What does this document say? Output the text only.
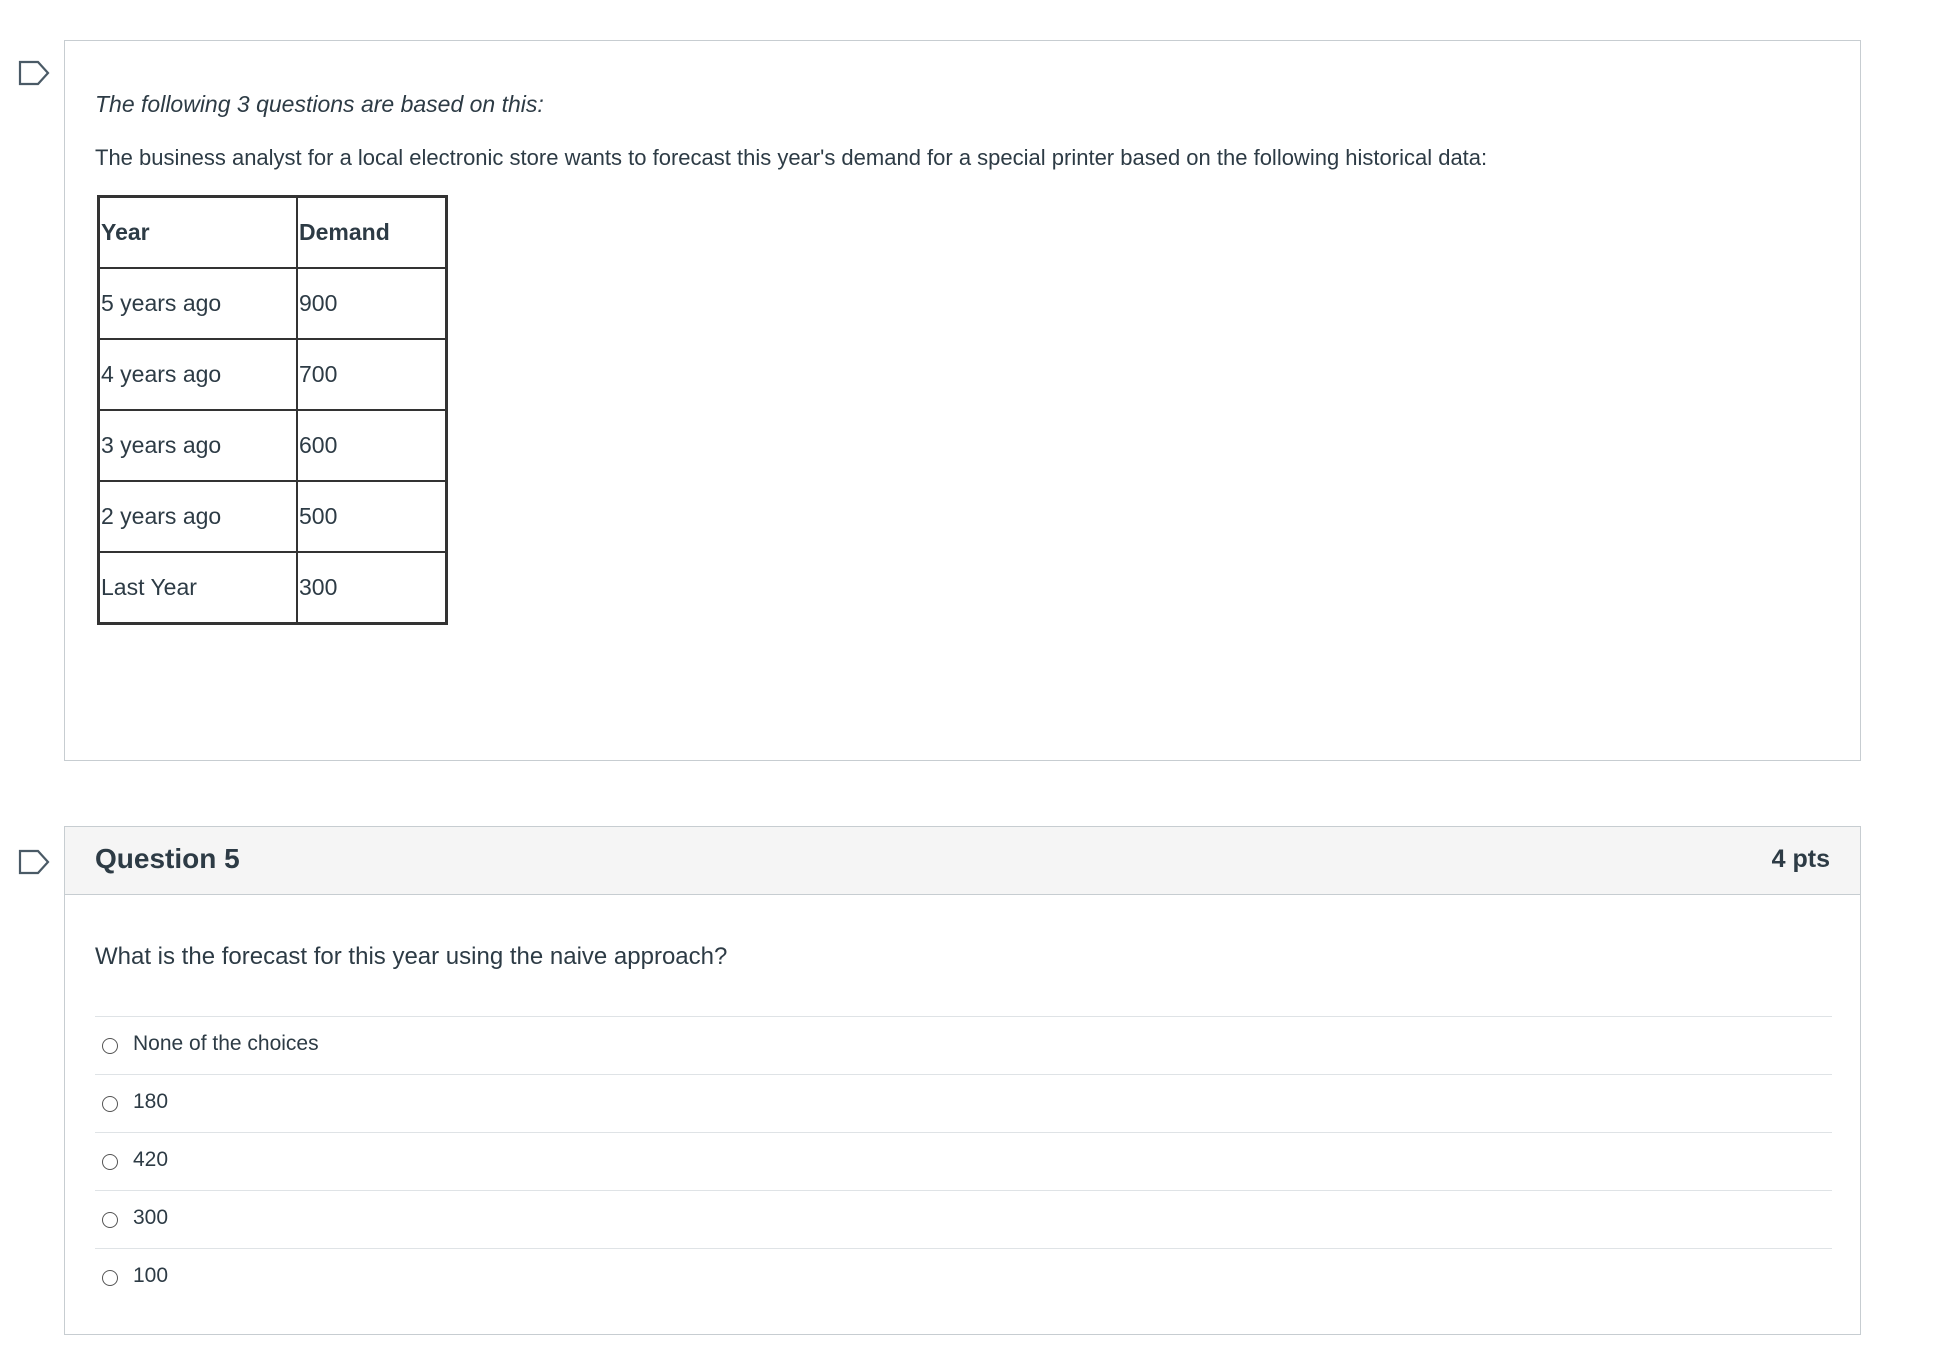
The following 3 questions are based on this:

The business analyst for a local electronic store wants to forecast this year's demand for a special printer based on the following historical data:

Year	Demand
5 years ago	900
4 years ago	700
3 years ago	600
2 years ago	500
Last Year	300
Question 5	4 pts

What is the forecast for this year using the naive approach?

None of the choices
180
420
300
100
